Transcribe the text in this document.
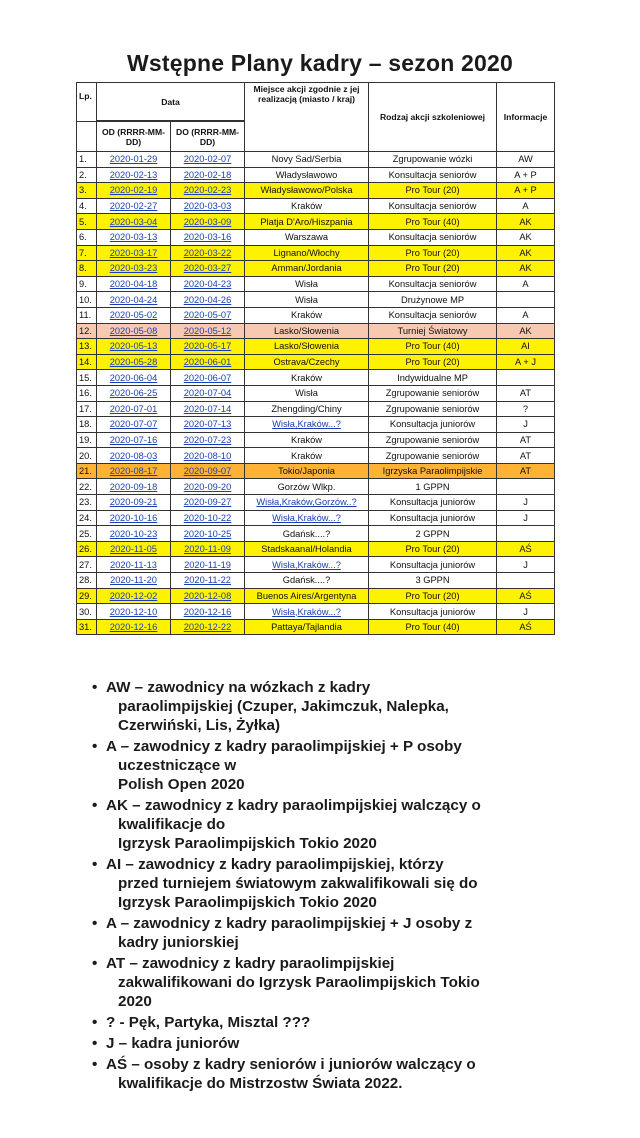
Wstępne Plany kadry – sezon 2020
Lp.	Data		Miejsce akcji zgodnie z jej realizacją (miasto / kraj)	Rodzaj akcji szkoleniowej	Informacje

	OD (RRRR-MM-DD)	DO (RRRR-MM-DD)			
1.	2020-01-29	2020-02-07	Novy Sad/Serbia	Zgrupowanie wózki	AW
2.	2020-02-13	2020-02-18	Władysławowo	Konsultacja seniorów	A + P
3.	2020-02-19	2020-02-23	Władysławowo/Polska	Pro Tour (20)	A + P
4.	2020-02-27	2020-03-03	Kraków	Konsultacja seniorów	A
5.	2020-03-04	2020-03-09	Platja D'Aro/Hiszpania	Pro Tour (40)	AK
6.	2020-03-13	2020-03-16	Warszawa	Konsultacja seniorów	AK
7.	2020-03-17	2020-03-22	Lignano/Włochy	Pro Tour (20)	AK
8.	2020-03-23	2020-03-27	Amman/Jordania	Pro Tour (20)	AK
9.	2020-04-18	2020-04-23	Wisła	Konsultacja seniorów	A
10.	2020-04-24	2020-04-26	Wisła	Drużynowe MP	
11.	2020-05-02	2020-05-07	Kraków	Konsultacja seniorów	A
12.	2020-05-08	2020-05-12	Lasko/Słowenia	Turniej Światowy	AK
13.	2020-05-13	2020-05-17	Lasko/Słowenia	Pro Tour (40)	AI
14.	2020-05-28	2020-06-01	Ostrava/Czechy	Pro Tour (20)	A + J
15.	2020-06-04	2020-06-07	Kraków	Indywidualne MP	
16.	2020-06-25	2020-07-04	Wisła	Zgrupowanie seniorów	AT
17.	2020-07-01	2020-07-14	Zhengding/Chiny	Zgrupowanie seniorów	?
18.	2020-07-07	2020-07-13	Wisła,Kraków...?	Konsultacja juniorów	J
19.	2020-07-16	2020-07-23	Kraków	Zgrupowanie seniorów	AT
20.	2020-08-03	2020-08-10	Kraków	Zgrupowanie seniorów	AT
21.	2020-08-17	2020-09-07	Tokio/Japonia	Igrzyska Paraolimpijskie	AT
22.	2020-09-18	2020-09-20	Gorzów Wlkp.	1 GPPN	
23.	2020-09-21	2020-09-27	Wisła,Kraków,Gorzów..?	Konsultacja juniorów	J
24.	2020-10-16	2020-10-22	Wisła,Kraków...?	Konsultacja juniorów	J
25.	2020-10-23	2020-10-25	Gdańsk....?	2 GPPN	
26.	2020-11-05	2020-11-09	Stadskaanal/Holandia	Pro Tour (20)	AŚ
27.	2020-11-13	2020-11-19	Wisła,Kraków...?	Konsultacja juniorów	J
28.	2020-11-20	2020-11-22	Gdańsk....?	3 GPPN	
29.	2020-12-02	2020-12-08	Buenos Aires/Argentyna	Pro Tour (20)	AŚ
30.	2020-12-10	2020-12-16	Wisła,Kraków...?	Konsultacja juniorów	J
31.	2020-12-16	2020-12-22	Pattaya/Tajlandia	Pro Tour (40)	AŚ
• AW – zawodnicy na wózkach z kadry
paraolimpijskiej (Czuper, Jakimczuk, Nalepka,
Czerwiński, Lis, Żyłka)
• A – zawodnicy z kadry paraolimpijskiej + P osoby
uczestniczące w
Polish Open 2020
• AK – zawodnicy z kadry paraolimpijskiej walczący o
kwalifikacje do
Igrzysk Paraolimpijskich Tokio 2020
• AI – zawodnicy z kadry paraolimpijskiej, którzy
przed turniejem światowym zakwalifikowali się do
Igrzysk Paraolimpijskich Tokio 2020
• A – zawodnicy z kadry paraolimpijskiej + J osoby z
kadry juniorskiej
• AT – zawodnicy z kadry paraolimpijskiej
zakwalifikowani do Igrzysk Paraolimpijskich Tokio
2020
• ? - Pęk, Partyka, Misztal ???
• J – kadra juniorów
• AŚ – osoby z kadry seniorów i juniorów walczący o
kwalifikacje do Mistrzostw Świata 2022.
